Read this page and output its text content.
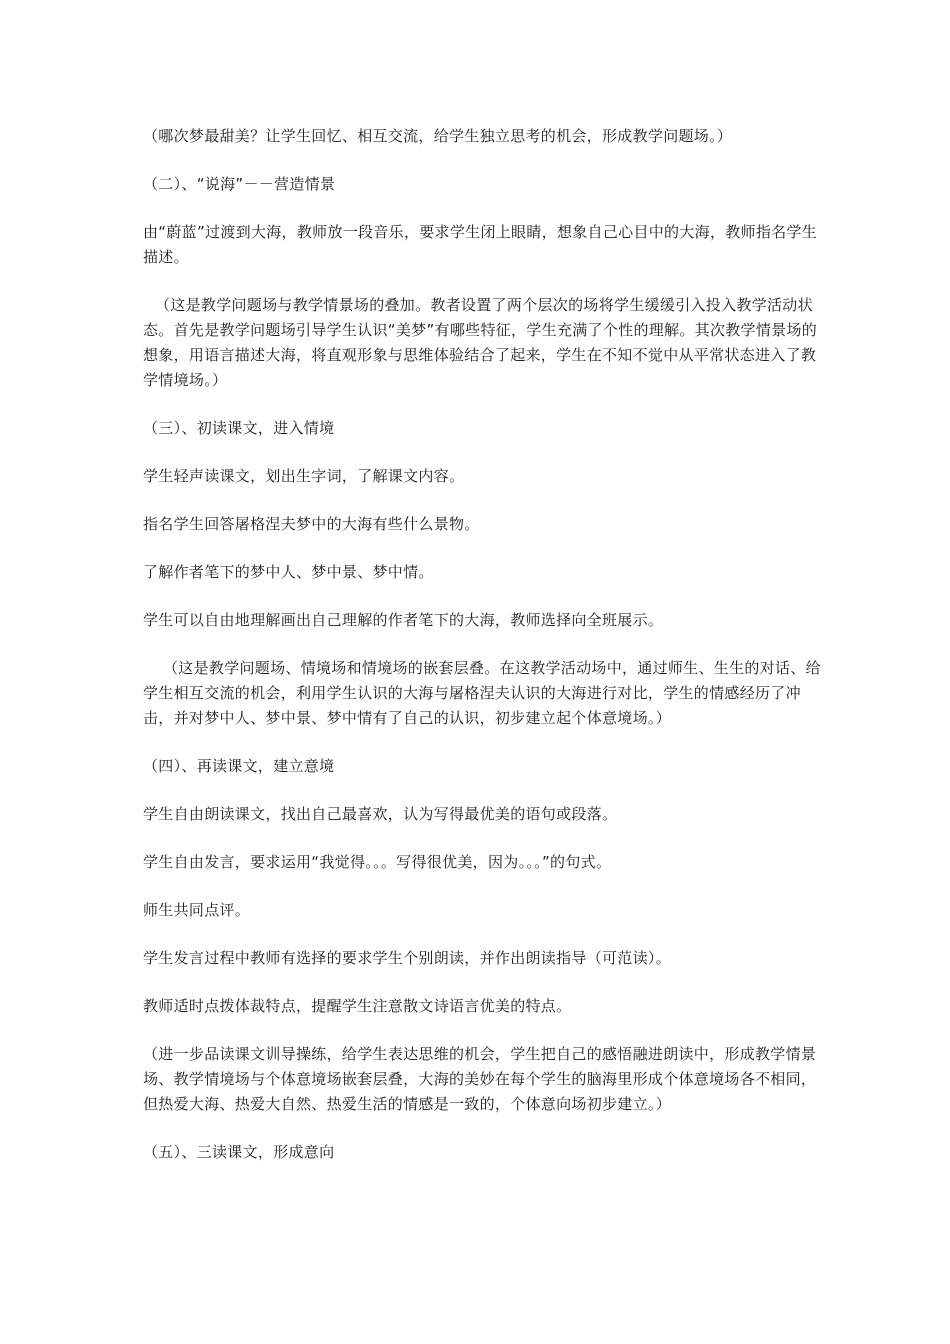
（哪次梦最甜美？让学生回忆、相互交流，给学生独立思考的机会，形成教学问题场。）

（二）、“说海”－－营造情景

由“蔚蓝”过渡到大海，教师放一段音乐，要求学生闭上眼睛，想象自己心目中的大海，教师指名学生描述。

（这是教学问题场与教学情景场的叠加。教者设置了两个层次的场将学生缓缓引入投入教学活动状态。首先是教学问题场引导学生认识“美梦”有哪些特征，学生充满了个性的理解。其次教学情景场的想象，用语言描述大海，将直观形象与思维体验结合了起来，学生在不知不觉中从平常状态进入了教学情境场。）

（三）、初读课文，进入情境

学生轻声读课文，划出生字词，了解课文内容。

指名学生回答屠格涅夫梦中的大海有些什么景物。

了解作者笔下的梦中人、梦中景、梦中情。

学生可以自由地理解画出自己理解的作者笔下的大海，教师选择向全班展示。

（这是教学问题场、情境场和情境场的嵌套层叠。在这教学活动场中，通过师生、生生的对话、给学生相互交流的机会，利用学生认识的大海与屠格涅夫认识的大海进行对比，学生的情感经历了冲击，并对梦中人、梦中景、梦中情有了自己的认识，初步建立起个体意境场。）

（四）、再读课文，建立意境

学生自由朗读课文，找出自己最喜欢，认为写得最优美的语句或段落。

学生自由发言，要求运用“我觉得。。。写得很优美，因为。。。”的句式。

师生共同点评。

学生发言过程中教师有选择的要求学生个别朗读，并作出朗读指导（可范读）。

教师适时点拨体裁特点，提醒学生注意散文诗语言优美的特点。

（进一步品读课文训导操练，给学生表达思维的机会，学生把自己的感悟融进朗读中，形成教学情景场、教学情境场与个体意境场嵌套层叠，大海的美妙在每个学生的脑海里形成个体意境场各不相同，但热爱大海、热爱大自然、热爱生活的情感是一致的，个体意向场初步建立。）

（五）、三读课文，形成意向
